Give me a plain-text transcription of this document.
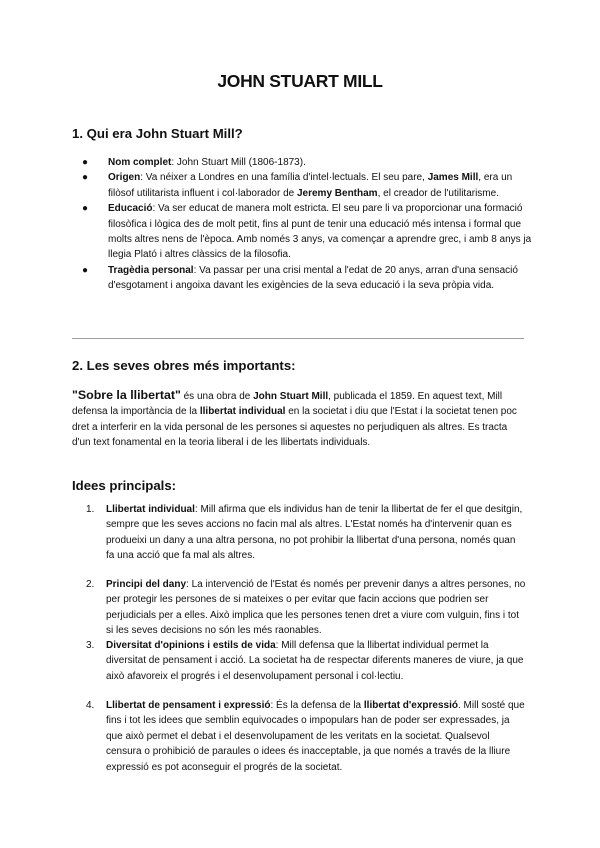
JOHN STUART MILL
1. Qui era John Stuart Mill?
● Nom complet: John Stuart Mill (1806-1873).
● Origen: Va néixer a Londres en una família d'intel·lectuals. El seu pare, James Mill, era un filòsof utilitarista influent i col·laborador de Jeremy Bentham, el creador de l'utilitarisme.
● Educació: Va ser educat de manera molt estricta. El seu pare li va proporcionar una formació filosòfica i lògica des de molt petit, fins al punt de tenir una educació més intensa i formal que molts altres nens de l'època. Amb només 3 anys, va començar a aprendre grec, i amb 8 anys ja llegia Plató i altres clàssics de la filosofia.
● Tragèdia personal: Va passar per una crisi mental a l'edat de 20 anys, arran d'una sensació d'esgotament i angoixa davant les exigències de la seva educació i la seva pròpia vida.
2. Les seves obres més importants:

"Sobre la llibertat" és una obra de John Stuart Mill, publicada el 1859. En aquest text, Mill defensa la importància de la llibertat individual en la societat i diu que l'Estat i la societat tenen poc dret a interferir en la vida personal de les persones si aquestes no perjudiquen als altres. Es tracta d'un text fonamental en la teoria liberal i de les llibertats individuals.

Idees principals:
1. Llibertat individual: Mill afirma que els individus han de tenir la llibertat de fer el que desitgin, sempre que les seves accions no facin mal als altres. L'Estat només ha d'intervenir quan es produeixi un dany a una altra persona, no pot prohibir la llibertat d'una persona, només quan fa una acció que fa mal als altres.
2. Principi del dany: La intervenció de l'Estat és només per prevenir danys a altres persones, no per protegir les persones de si mateixes o per evitar que facin accions que podrien ser perjudicials per a elles. Això implica que les persones tenen dret a viure com vulguin, fins i tot si les seves decisions no són les més raonables.
3. Diversitat d'opinions i estils de vida: Mill defensa que la llibertat individual permet la diversitat de pensament i acció. La societat ha de respectar diferents maneres de viure, ja que això afavoreix el progrés i el desenvolupament personal i col·lectiu.
4. Llibertat de pensament i expressió: És la defensa de la llibertat d'expressió. Mill sosté que fins i tot les idees que semblin equivocades o impopulars han de poder ser expressades, ja que això permet el debat i el desenvolupament de les veritats en la societat. Qualsevol censura o prohibició de paraules o idees és inacceptable, ja que només a través de la lliure expressió es pot aconseguir el progrés de la societat.
